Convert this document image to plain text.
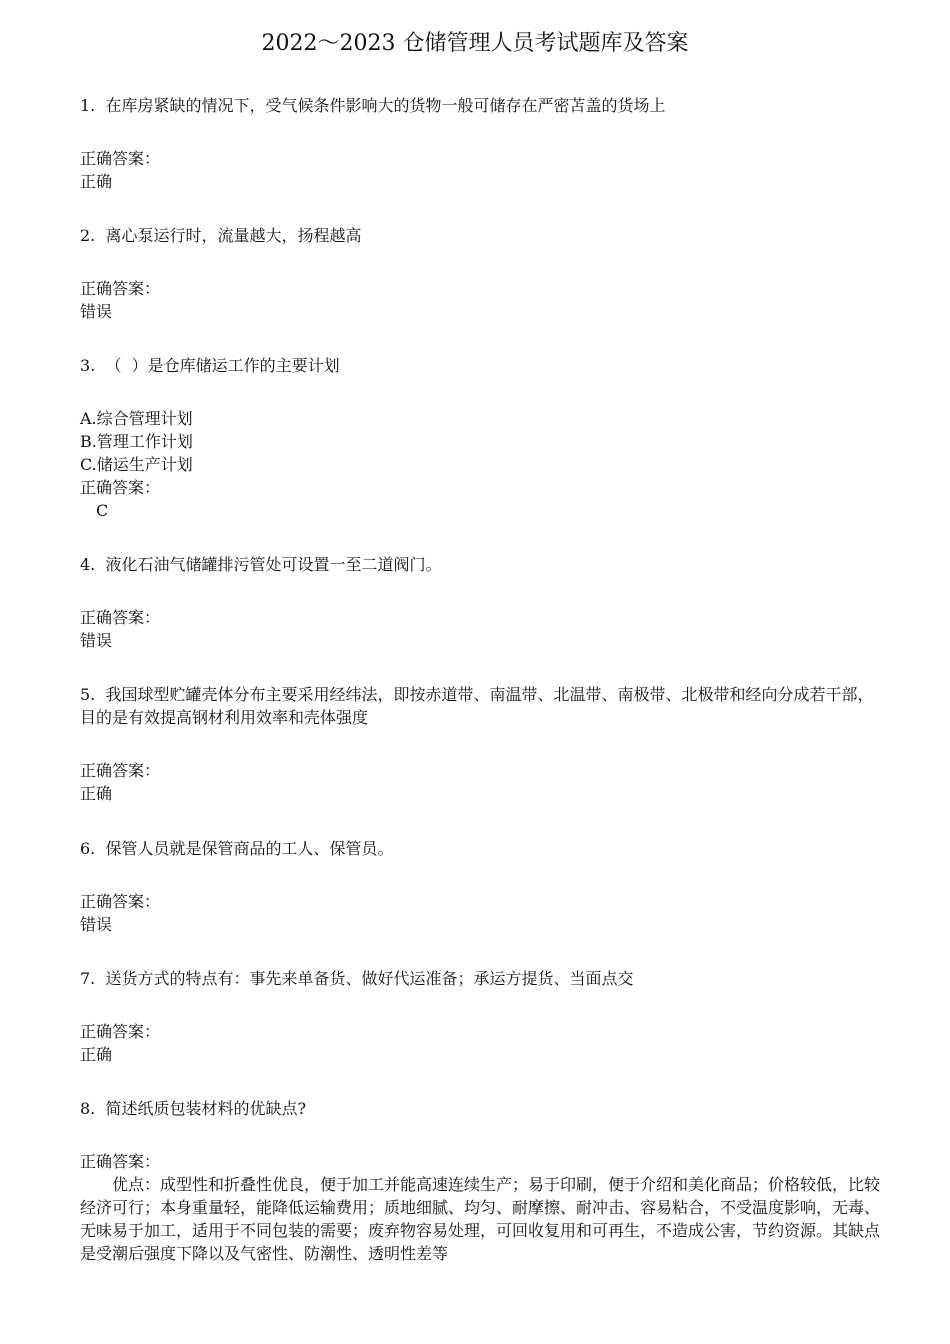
2022～2023 仓储管理人员考试题库及答案

1.  在库房紧缺的情况下，受气候条件影响大的货物一般可储存在严密苫盖的货场上

正确答案：

正确

2.  离心泵运行时，流量越大，扬程越高

正确答案：

错误

3.  （  ）是仓库储运工作的主要计划

A.综合管理计划

B.管理工作计划

C.储运生产计划

正确答案：

C

4.  液化石油气储罐排污管处可设置一至二道阀门。

正确答案：

错误

5.  我国球型贮罐壳体分布主要采用经纬法，即按赤道带、南温带、北温带、南极带、北极带和经向分成若干部，目的是有效提高钢材利用效率和壳体强度

正确答案：

正确

6.  保管人员就是保管商品的工人、保管员。

正确答案：

错误

7.  送货方式的特点有：事先来单备货、做好代运准备；承运方提货、当面点交

正确答案：

正确

8.  简述纸质包装材料的优缺点?

正确答案：

优点：成型性和折叠性优良，便于加工并能高速连续生产；易于印刷，便于介绍和美化商品；价格较低，比较经济可行；本身重量轻，能降低运输费用；质地细腻、均匀、耐摩擦、耐冲击、容易粘合，不受温度影响，无毒、无味易于加工，适用于不同包装的需要；废弃物容易处理，可回收复用和可再生，不造成公害，节约资源。其缺点是受潮后强度下降以及气密性、防潮性、透明性差等
